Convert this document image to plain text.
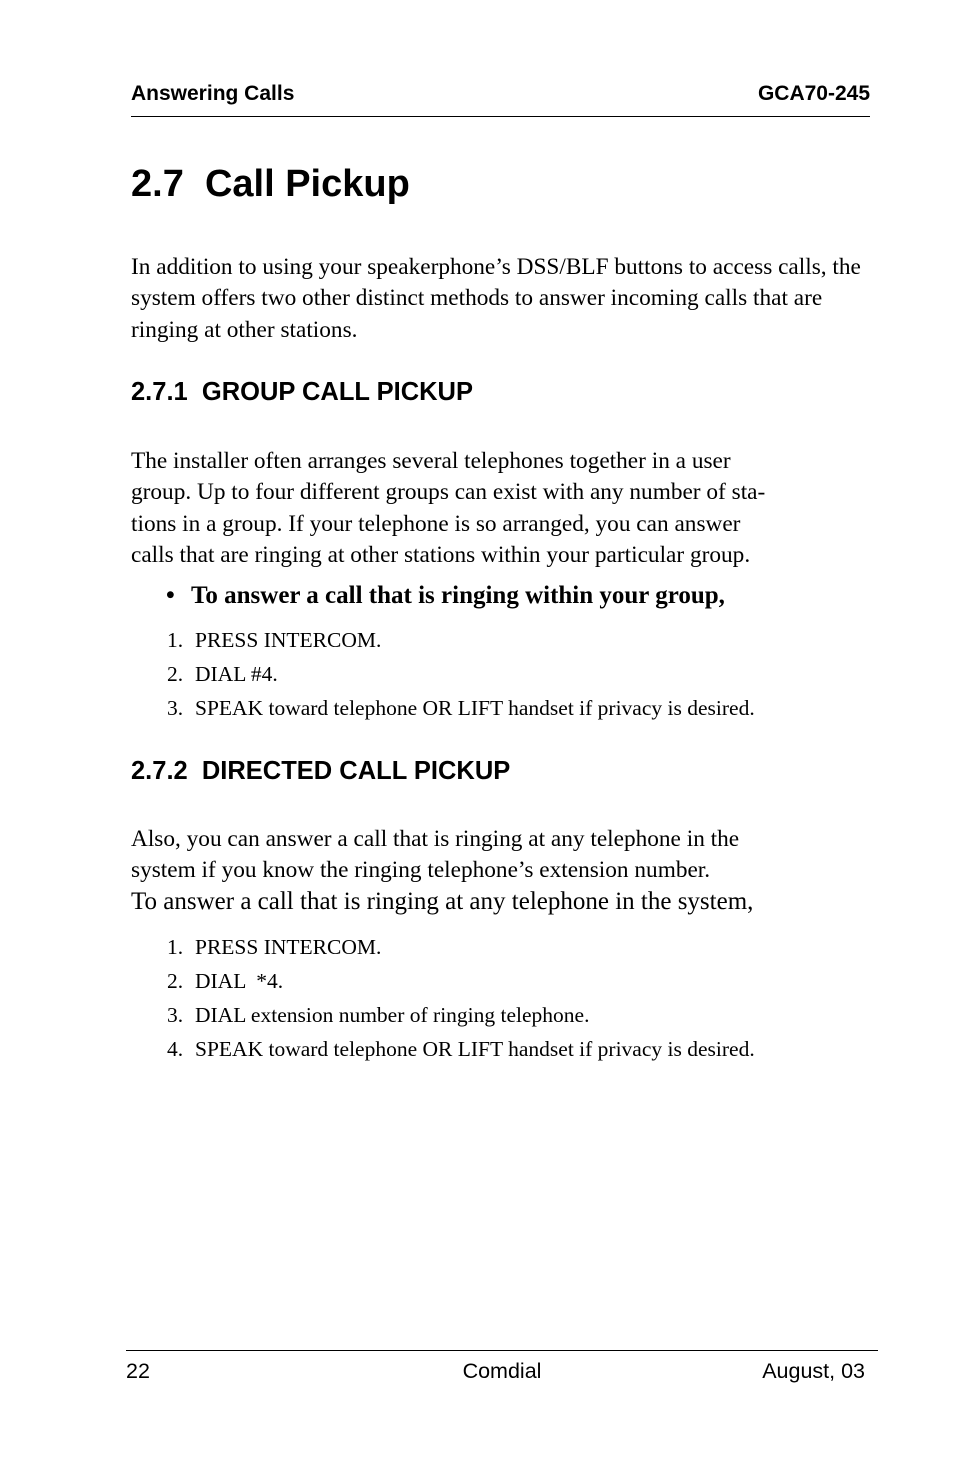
Answering Calls	GCA70-245
2.7  Call Pickup

In addition to using your speakerphone’s DSS/BLF buttons to access calls, the system offers two other distinct methods to answer incoming calls that are ringing at other stations.

2.7.1  GROUP CALL PICKUP
The installer often arranges several telephones together in a user
group. Up to four different groups can exist with any number of sta-
tions in a group. If your telephone is so arranged, you can answer
calls that are ringing at other stations within your particular group.

• To answer a call that is ringing within your group,

1. PRESS INTERCOM.
2. DIAL #4.
3. SPEAK toward telephone OR LIFT handset if privacy is desired.
2.7.2  DIRECTED CALL PICKUP
Also, you can answer a call that is ringing at any telephone in the
system if you know the ringing telephone’s extension number.

To answer a call that is ringing at any telephone in the system,

1. PRESS INTERCOM.
2. DIAL  *4.
3. DIAL extension number of ringing telephone.
4. SPEAK toward telephone OR LIFT handset if privacy is desired.
22	Comdial	August, 03
